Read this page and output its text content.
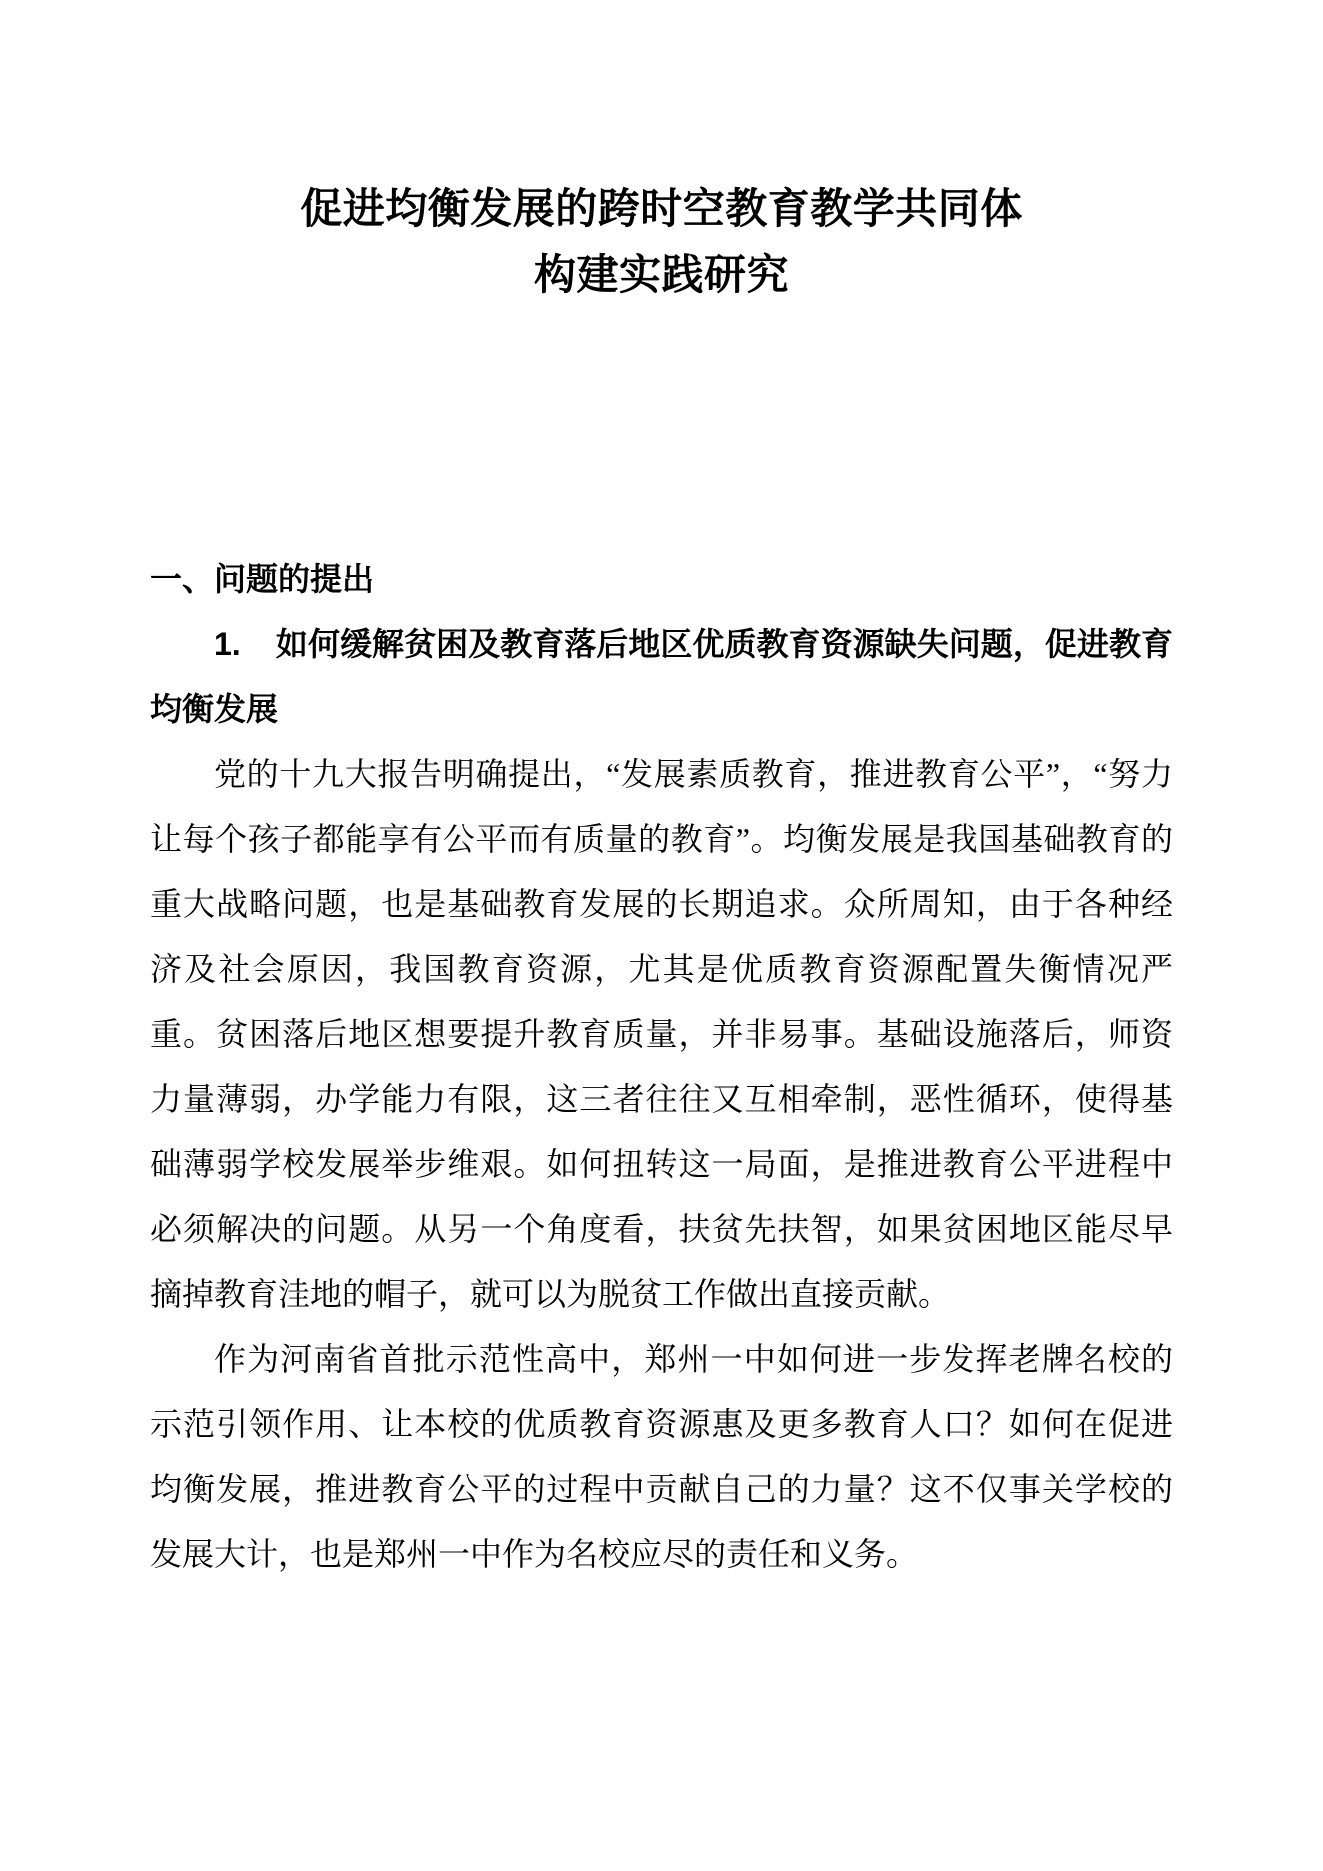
促进均衡发展的跨时空教育教学共同体
构建实践研究
一、问题的提出

1. 如何缓解贫困及教育落后地区优质教育资源缺失问题，促进教育均衡发展

党的十九大报告明确提出，“发展素质教育，推进教育公平”，“努力让每个孩子都能享有公平而有质量的教育”。均衡发展是我国基础教育的重大战略问题，也是基础教育发展的长期追求。众所周知，由于各种经济及社会原因，我国教育资源，尤其是优质教育资源配置失衡情况严重。贫困落后地区想要提升教育质量，并非易事。基础设施落后，师资力量薄弱，办学能力有限，这三者往往又互相牵制，恶性循环，使得基础薄弱学校发展举步维艰。如何扭转这一局面，是推进教育公平进程中必须解决的问题。从另一个角度看，扶贫先扶智，如果贫困地区能尽早摘掉教育洼地的帽子，就可以为脱贫工作做出直接贡献。

作为河南省首批示范性高中，郑州一中如何进一步发挥老牌名校的示范引领作用、让本校的优质教育资源惠及更多教育人口？如何在促进均衡发展，推进教育公平的过程中贡献自己的力量？这不仅事关学校的发展大计，也是郑州一中作为名校应尽的责任和义务。
